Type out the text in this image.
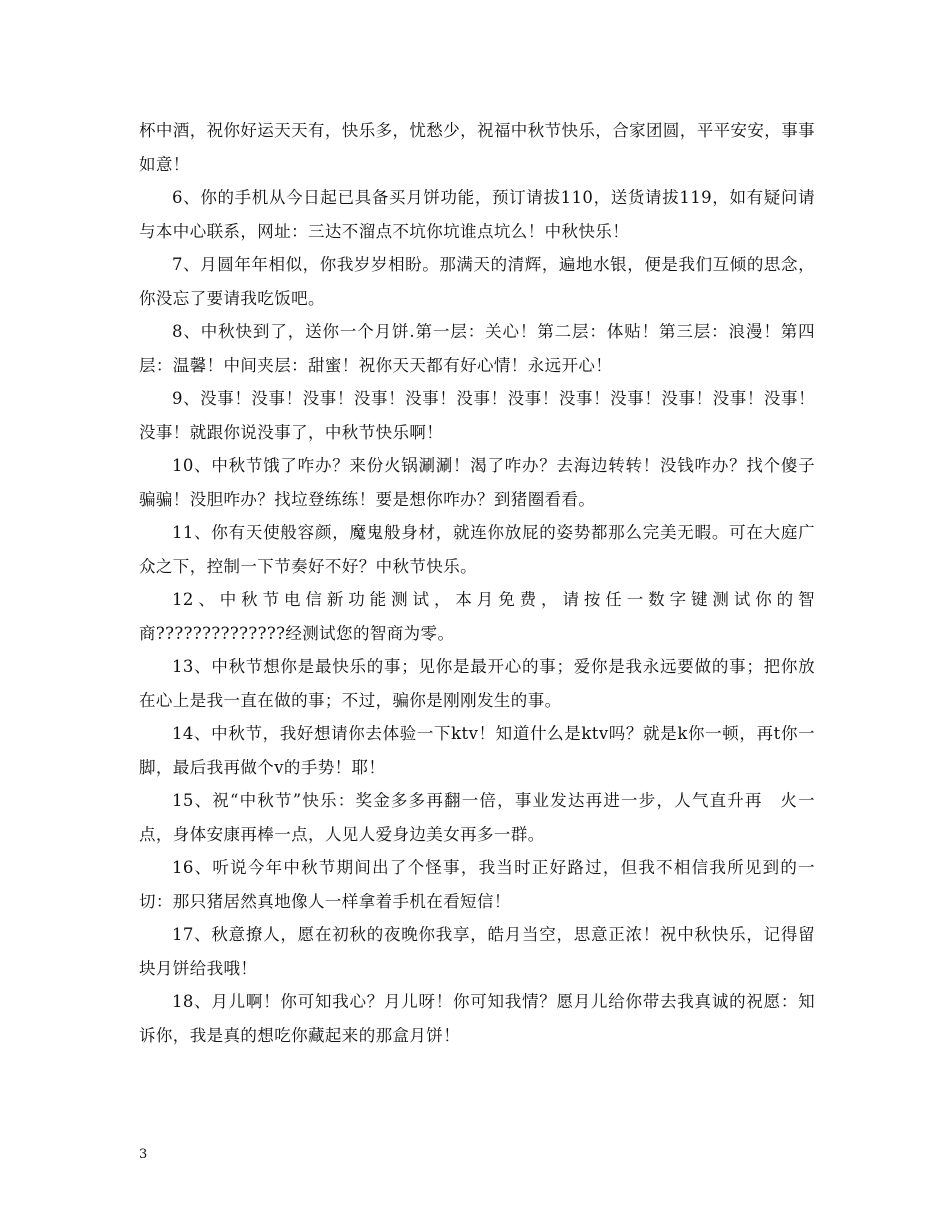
杯中酒，祝你好运天天有，快乐多，忧愁少，祝福中秋节快乐，合家团圆，平平安安，事事如意！

6、你的手机从今日起已具备买月饼功能，预订请拔110，送货请拔119，如有疑问请与本中心联系，网址：三达不溜点不坑你坑谁点坑么！中秋快乐！

7、月圆年年相似，你我岁岁相盼。那满天的清辉，遍地水银，便是我们互倾的思念，你没忘了要请我吃饭吧。

8、中秋快到了，送你一个月饼.第一层：关心！第二层：体贴！第三层：浪漫！第四层：温馨！中间夹层：甜蜜！祝你天天都有好心情！永远开心！

9、没事！没事！没事！没事！没事！没事！没事！没事！没事！没事！没事！没事！没事！就跟你说没事了，中秋节快乐啊！

10、中秋节饿了咋办？来份火锅涮涮！渴了咋办？去海边转转！没钱咋办？找个傻子骗骗！没胆咋办？找垃登练练！要是想你咋办？到猪圈看看。

11、你有天使般容颜，魔鬼般身材，就连你放屁的姿势都那么完美无暇。可在大庭广众之下，控制一下节奏好不好？中秋节快乐。

12、中秋节电信新功能测试，本月免费，请按任一数字键测试你的智商??????????????经测试您的智商为零。

13、中秋节想你是最快乐的事；见你是最开心的事；爱你是我永远要做的事；把你放在心上是我一直在做的事；不过，骗你是刚刚发生的事。

14、中秋节，我好想请你去体验一下ktv！知道什么是ktv吗？就是k你一顿，再t你一脚，最后我再做个v的手势！耶！

15、祝“中秋节”快乐：奖金多多再翻一倍，事业发达再进一步，人气直升再　火一点，身体安康再棒一点，人见人爱身边美女再多一群。

16、听说今年中秋节期间出了个怪事，我当时正好路过，但我不相信我所见到的一切：那只猪居然真地像人一样拿着手机在看短信！

17、秋意撩人，愿在初秋的夜晚你我享，皓月当空，思意正浓！祝中秋快乐，记得留块月饼给我哦！

18、月儿啊！你可知我心？月儿呀！你可知我情？愿月儿给你带去我真诚的祝愿：知诉你，我是真的想吃你藏起来的那盒月饼！

3
